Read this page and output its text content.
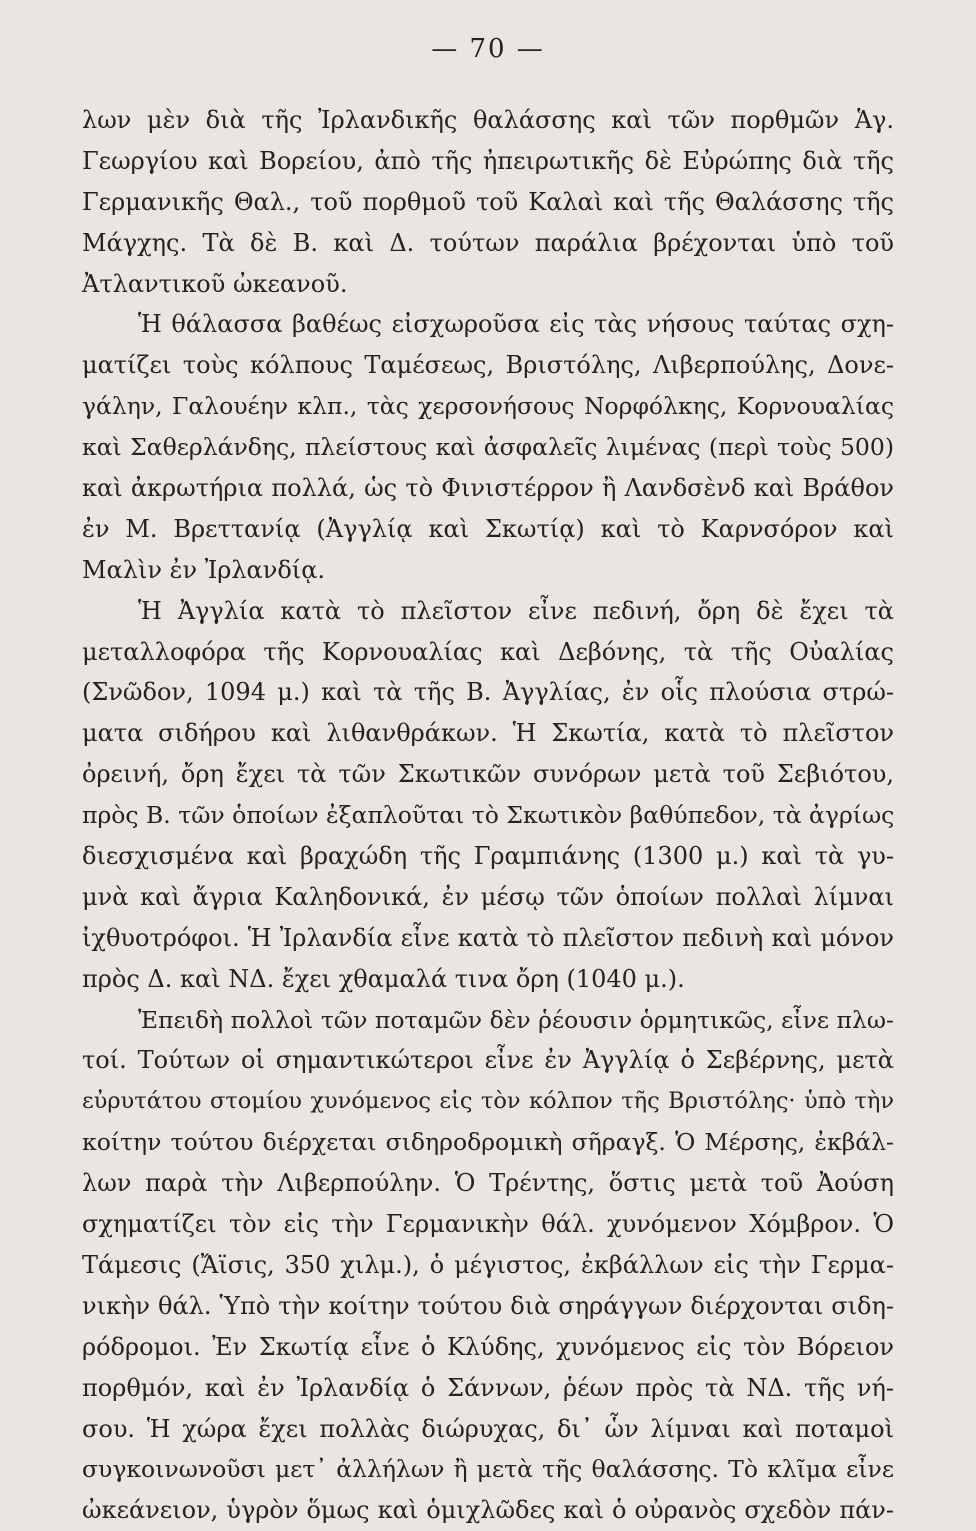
— 70 —
λων μὲν διὰ τῆς Ἰρλανδικῆς θαλάσσης καὶ τῶν πορθμῶν Ἁγ.
Γεωργίου καὶ Βορείου, ἀπὸ τῆς ἠπειρωτικῆς δὲ Εὐρώπης διὰ τῆς
Γερμανικῆς Θαλ., τοῦ πορθμοῦ τοῦ Καλαὶ καὶ τῆς Θαλάσσης τῆς
Μάγχης. Τὰ δὲ Β. καὶ Δ. τούτων παράλια βρέχονται ὑπὸ τοῦ
Ἀτλαντικοῦ ὠκεανοῦ.
Ἡ θάλασσα βαθέως εἰσχωροῦσα εἰς τὰς νήσους ταύτας σχη-
ματίζει τοὺς κόλπους Ταμέσεως, Βριστόλης, Λιβερπούλης, Δονε-
γάλην, Γαλουέην κλπ., τὰς χερσονήσους Νορφόλκης, Κορνουαλίας
καὶ Σαθερλάνδης, πλείστους καὶ ἀσφαλεῖς λιμένας (περὶ τοὺς 500)
καὶ ἀκρωτήρια πολλά, ὡς τὸ Φινιστέρρον ἢ Λανδσὲνδ καὶ Βράθον
ἐν Μ. Βρεττανίᾳ (Ἀγγλίᾳ καὶ Σκωτίᾳ) καὶ τὸ Καρνσόρον καὶ
Μαλὶν ἐν Ἰρλανδίᾳ.
Ἡ Ἀγγλία κατὰ τὸ πλεῖστον εἶνε πεδινή, ὄρη δὲ ἔχει τὰ
μεταλλοφόρα τῆς Κορνουαλίας καὶ Δεβόνης, τὰ τῆς Οὐαλίας
(Σνῶδον, 1094 μ.) καὶ τὰ τῆς Β. Ἀγγλίας, ἐν οἷς πλούσια στρώ-
ματα σιδήρου καὶ λιθανθράκων. Ἡ Σκωτία, κατὰ τὸ πλεῖστον
ὀρεινή, ὄρη ἔχει τὰ τῶν Σκωτικῶν συνόρων μετὰ τοῦ Σεβιότου,
πρὸς Β. τῶν ὁποίων ἐξαπλοῦται τὸ Σκωτικὸν βαθύπεδον, τὰ ἀγρίως
διεσχισμένα καὶ βραχώδη τῆς Γραμπιάνης (1300 μ.) καὶ τὰ γυ-
μνὰ καὶ ἄγρια Καληδονικά, ἐν μέσῳ τῶν ὁποίων πολλαὶ λίμναι
ἰχθυοτρόφοι. Ἡ Ἰρλανδία εἶνε κατὰ τὸ πλεῖστον πεδινὴ καὶ μόνον
πρὸς Δ. καὶ ΝΔ. ἔχει χθαμαλά τινα ὄρη (1040 μ.).
Ἐπειδὴ πολλοὶ τῶν ποταμῶν δὲν ῥέουσιν ὁρμητικῶς, εἶνε πλω-
τοί. Τούτων οἱ σημαντικώτεροι εἶνε ἐν Ἀγγλίᾳ ὁ Σεβέρνης, μετὰ
εὐρυτάτου στομίου χυνόμενος εἰς τὸν κόλπον τῆς Βριστόλης· ὑπὸ τὴν
κοίτην τούτου διέρχεται σιδηροδρομικὴ σῆραγξ. Ὁ Μέρσης, ἐκβάλ-
λων παρὰ τὴν Λιβερπούλην. Ὁ Τρέντης, ὅστις μετὰ τοῦ Ἀούση
σχηματίζει τὸν εἰς τὴν Γερμανικὴν θάλ. χυνόμενον Χόμβρον. Ὁ
Τάμεσις (Ἄϊσις, 350 χιλμ.), ὁ μέγιστος, ἐκβάλλων εἰς τὴν Γερμα-
νικὴν θάλ. Ὑπὸ τὴν κοίτην τούτου διὰ σηράγγων διέρχονται σιδη-
ρόδρομοι. Ἐν Σκωτίᾳ εἶνε ὁ Κλύδης, χυνόμενος εἰς τὸν Βόρειον
πορθμόν, καὶ ἐν Ἰρλανδίᾳ ὁ Σάννων, ῥέων πρὸς τὰ ΝΔ. τῆς νή-
σου. Ἡ χώρα ἔχει πολλὰς διώρυχας, δι᾽ ὧν λίμναι καὶ ποταμοὶ
συγκοινωνοῦσι μετ᾽ ἀλλήλων ἢ μετὰ τῆς θαλάσσης. Τὸ κλῖμα εἶνε
ὠκεάνειον, ὑγρὸν ὅμως καὶ ὁμιχλῶδες καὶ ὁ οὐρανὸς σχεδὸν πάν-
